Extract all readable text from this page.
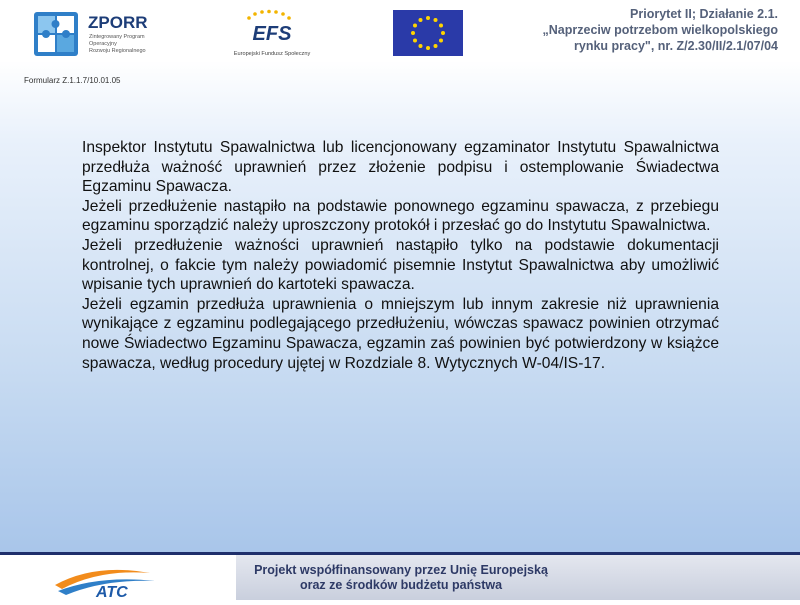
ZPORR
Zintegrowany Program
Operacyjny
Rozwoju Regionalnego
EFS
Europejski Fundusz Społeczny
Priorytet II; Działanie 2.1.
„Naprzeciw potrzebom wielkopolskiego
rynku pracy", nr. Z/2.30/II/2.1/07/04
Formularz Z.1.1.7/10.01.05

Inspektor Instytutu Spawalnictwa lub licencjonowany egzaminator Instytutu Spawalnictwa przedłuża ważność uprawnień przez złożenie podpisu i ostemplowanie Świadectwa Egzaminu Spawacza.

Jeżeli przedłużenie nastąpiło na podstawie ponownego egzaminu spawacza, z przebiegu egzaminu sporządzić należy uproszczony protokół i przesłać go do Instytutu Spawalnictwa.

Jeżeli przedłużenie ważności uprawnień nastąpiło tylko na podstawie dokumentacji kontrolnej, o fakcie tym należy powiadomić pisemnie Instytut Spawalnictwa aby umożliwić wpisanie tych uprawnień do kartoteki spawacza.

Jeżeli egzamin przedłuża uprawnienia o mniejszym lub innym zakresie niż uprawnienia wynikające z egzaminu podlegającego przedłużeniu, wówczas spawacz powinien otrzymać nowe Świadectwo Egzaminu Spawacza, egzamin zaś powinien być potwierdzony w książce spawacza, według procedury ujętej w Rozdziale 8. Wytycznych W-04/IS-17.

ATC
Projekt współfinansowany przez Unię Europejską
oraz ze środków budżetu państwa
